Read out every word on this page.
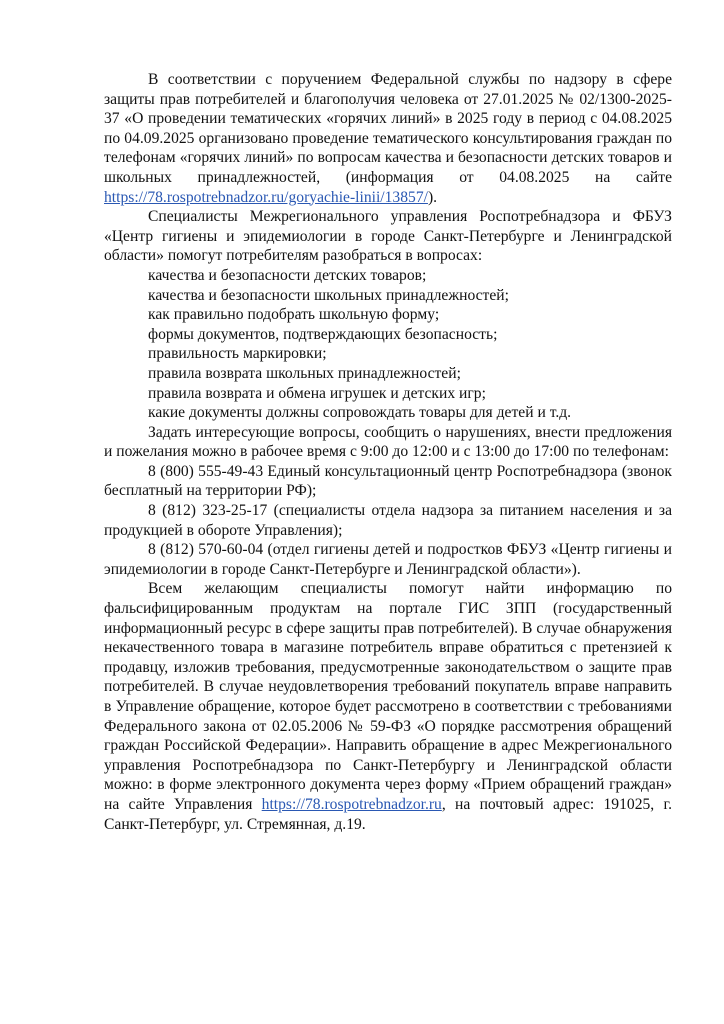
В соответствии с поручением Федеральной службы по надзору в сфере защиты прав потребителей и благополучия человека от 27.01.2025 № 02/1300-2025-37 «О проведении тематических «горячих линий» в 2025 году в период с 04.08.2025 по 04.09.2025 организовано проведение тематического консультирования граждан по телефонам «горячих линий» по вопросам качества и безопасности детских товаров и школьных принадлежностей, (информация от 04.08.2025 на сайте https://78.rospotrebnadzor.ru/goryachie-linii/13857/).

Специалисты Межрегионального управления Роспотребнадзора и ФБУЗ «Центр гигиены и эпидемиологии в городе Санкт-Петербурге и Ленинградской области» помогут потребителям разобраться в вопросах:

качества и безопасности детских товаров;

качества и безопасности школьных принадлежностей;

как правильно подобрать школьную форму;

формы документов, подтверждающих безопасность;

правильность маркировки;

правила возврата школьных принадлежностей;

правила возврата и обмена игрушек и детских игр;

какие документы должны сопровождать товары для детей и т.д.

Задать интересующие вопросы, сообщить о нарушениях, внести предложения и пожелания можно в рабочее время с 9:00 до 12:00 и с 13:00 до 17:00 по телефонам:

8 (800) 555-49-43 Единый консультационный центр Роспотребнадзора (звонок бесплатный на территории РФ);

8 (812) 323-25-17 (специалисты отдела надзора за питанием населения и за продукцией в обороте Управления);

8 (812) 570-60-04 (отдел гигиены детей и подростков ФБУЗ «Центр гигиены и эпидемиологии в городе Санкт-Петербурге и Ленинградской области»).

Всем желающим специалисты помогут найти информацию по фальсифицированным продуктам на портале ГИС ЗПП (государственный информационный ресурс в сфере защиты прав потребителей). В случае обнаружения некачественного товара в магазине потребитель вправе обратиться с претензией к продавцу, изложив требования, предусмотренные законодательством о защите прав потребителей. В случае неудовлетворения требований покупатель вправе направить в Управление обращение, которое будет рассмотрено в соответствии с требованиями Федерального закона от 02.05.2006 № 59-ФЗ «О порядке рассмотрения обращений граждан Российской Федерации». Направить обращение в адрес Межрегионального управления Роспотребнадзора по Санкт-Петербургу и Ленинградской области можно: в форме электронного документа через форму «Прием обращений граждан» на сайте Управления https://78.rospotrebnadzor.ru, на почтовый адрес: 191025, г. Санкт-Петербург, ул. Стремянная, д.19.
